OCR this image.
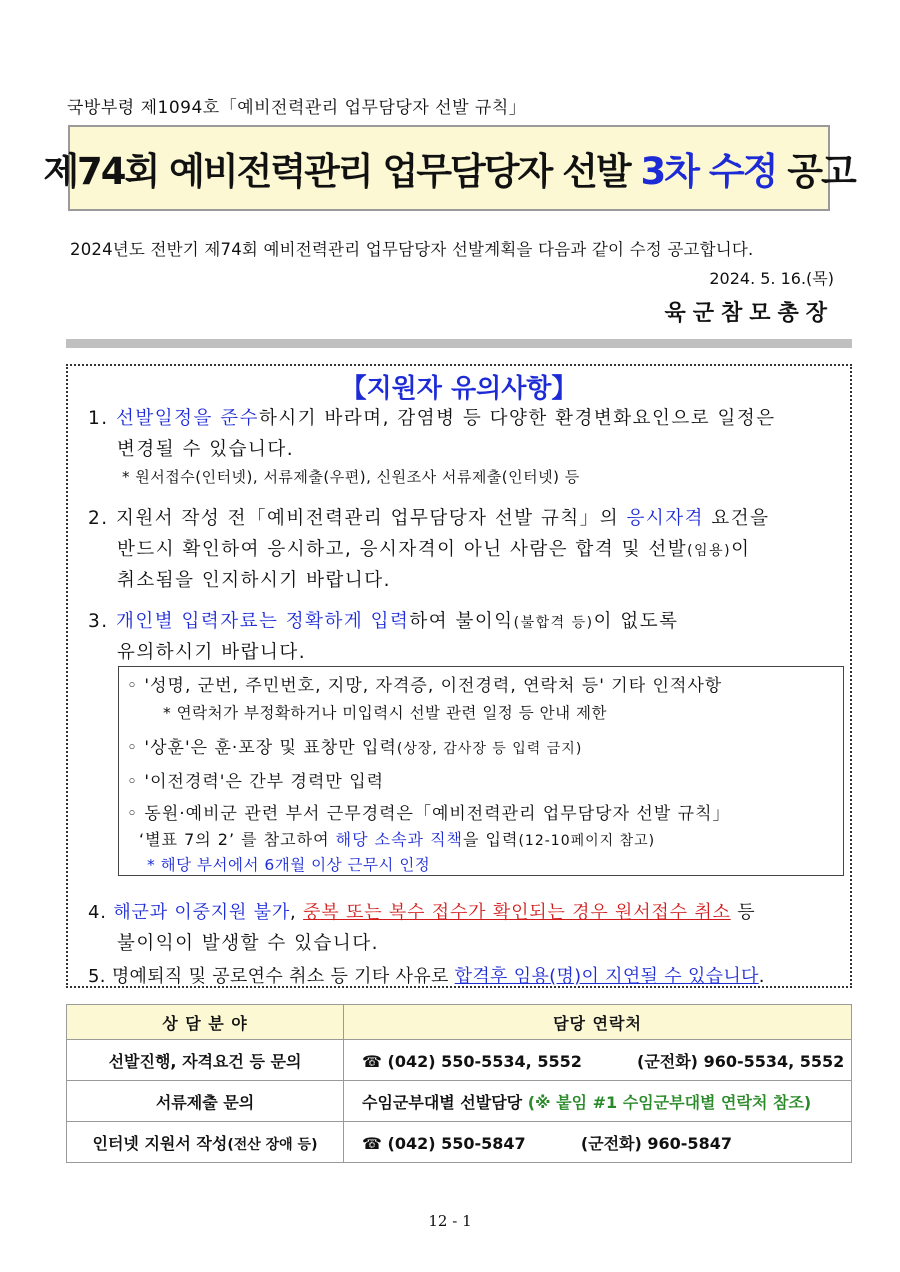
국방부령 제1094호「예비전력관리 업무담당자 선발 규칙」
제74회 예비전력관리 업무담당자 선발 3차 수정 공고
2024년도 전반기 제74회 예비전력관리 업무담당자 선발계획을 다음과 같이 수정 공고합니다.
2024. 5. 16.(목)
육군참모총장
【지원자 유의사항】
1. 선발일정을 준수하시기 바라며, 감염병 등 다양한 환경변화요인으로 일정은
변경될 수 있습니다.
* 원서접수(인터넷), 서류제출(우편), 신원조사 서류제출(인터넷) 등
2. 지원서 작성 전「예비전력관리 업무담당자 선발 규칙」의 응시자격 요건을
반드시 확인하여 응시하고, 응시자격이 아닌 사람은 합격 및 선발(임용)이
취소됨을 인지하시기 바랍니다.
3. 개인별 입력자료는 정확하게 입력하여 불이익(불합격 등)이 없도록
유의하시기 바랍니다.
◦ '성명, 군번, 주민번호, 지망, 자격증, 이전경력, 연락처 등' 기타 인적사항
* 연락처가 부정확하거나 미입력시 선발 관련 일정 등 안내 제한
◦ '상훈'은 훈·포장 및 표창만 입력(상장, 감사장 등 입력 금지)
◦ '이전경력'은 간부 경력만 입력
◦ 동원·예비군 관련 부서 근무경력은「예비전력관리 업무담당자 선발 규칙」
‘별표 7의 2’ 를 참고하여 해당 소속과 직책을 입력(12-10페이지 참고)
* 해당 부서에서 6개월 이상 근무시 인정
4. 해군과 이중지원 불가, 중복 또는 복수 접수가 확인되는 경우 원서접수 취소 등
불이익이 발생할 수 있습니다.
5. 명예퇴직 및 공로연수 취소 등 기타 사유로 합격후 임용(명)이 지연될 수 있습니다.
상 담 분 야	담당 연락처
선발진행, 자격요건 등 문의	☎ (042) 550-5534, 5552 (군전화) 960-5534, 5552
서류제출 문의	수임군부대별 선발담당 (※ 붙임 #1 수임군부대별 연락처 참조)
인터넷 지원서 작성(전산 장애 등)	☎ (042) 550-5847 (군전화) 960-5847
12 - 1
